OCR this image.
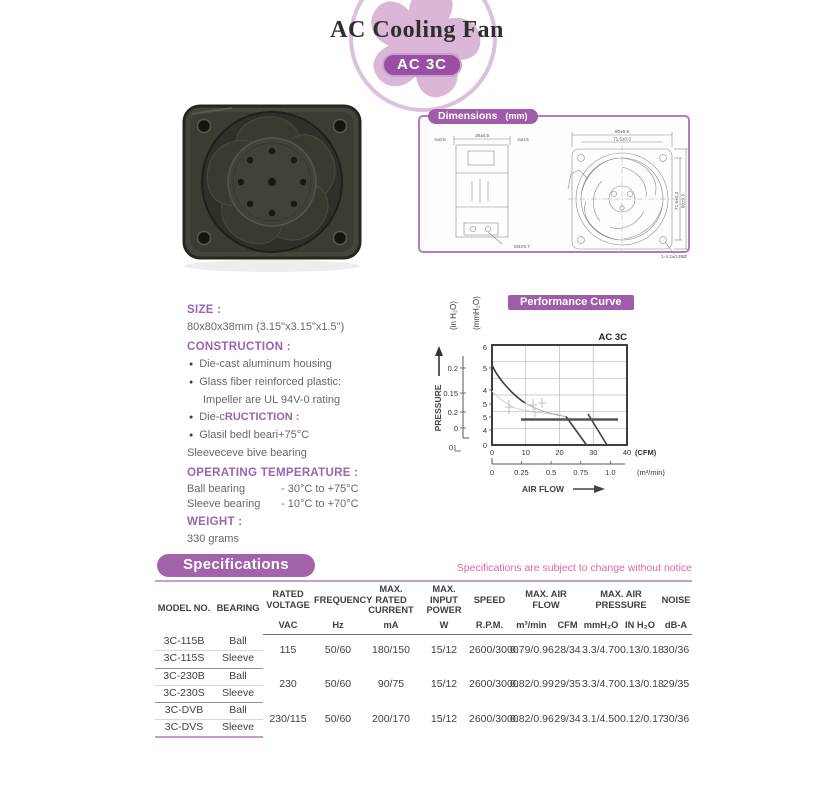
AC Cooling Fan
AC 3C
Dimensions (mm)
38±0.5
4±0.5	4±0.5
M4X0.7
80±0.5
71.5±0.3
71.5±0.3 80±0.5
1-4.2±0.35Ø
SIZE :
80x80x38mm (3.15"x3.15"x1.5")
CONSTRUCTION :
● Die-cast aluminum housing
● Glass fiber reinforced plastic:
Impeller are UL 94V-0 rating
● Die-cRUCTICTION :
● Glasil bedl beari+75°C
Sleeveceve bive bearing
OPERATING TEMPERATURE :
Ball bearing	- 30°C to +75°C
Sleeve bearing	- 10°C to +70°C
WEIGHT :
330 grams
Performance Curve
(in H₂O) (mmH₂O)
PRESSURE
0.2
0.15
0.2
0
0
6
5
4
5
5
4
0
AC 3C
0	10	20	30	40 (CFM)
0	0.25 0.5 0.75 1.0	(m³/min)
AIR FLOW
Specifications	Specifications are subject to change without notice
MODEL NO.	BEARING	RATED VOLTAGE	FREQUENCY	MAX. RATED CURRENT	MAX. INPUT POWER	SPEED	MAX. AIR FLOW		MAX. AIR PRESSURE		NOISE
		VAC	Hz	mA	W	R.P.M.	m³/min	CFM	mmH₂O	IN H₂O	dB-A
3C-115B	Ball	115	50/60	180/150	15/12	2600/3000	0.79/0.96	28/34	3.3/4.70	0.13/0.18	30/36
3C-115S	Sleeve										
3C-230B	Ball	230	50/60	90/75	15/12	2600/3000	0.82/0.99	29/35	3.3/4.70	0.13/0.18	29/35
3C-230S	Sleeve										
3C-DVB	Ball	230/115	50/60	200/170	15/12	2600/3000	0.82/0.96	29/34	3.1/4.50	0.12/0.17	30/36
3C-DVS	Sleeve										
